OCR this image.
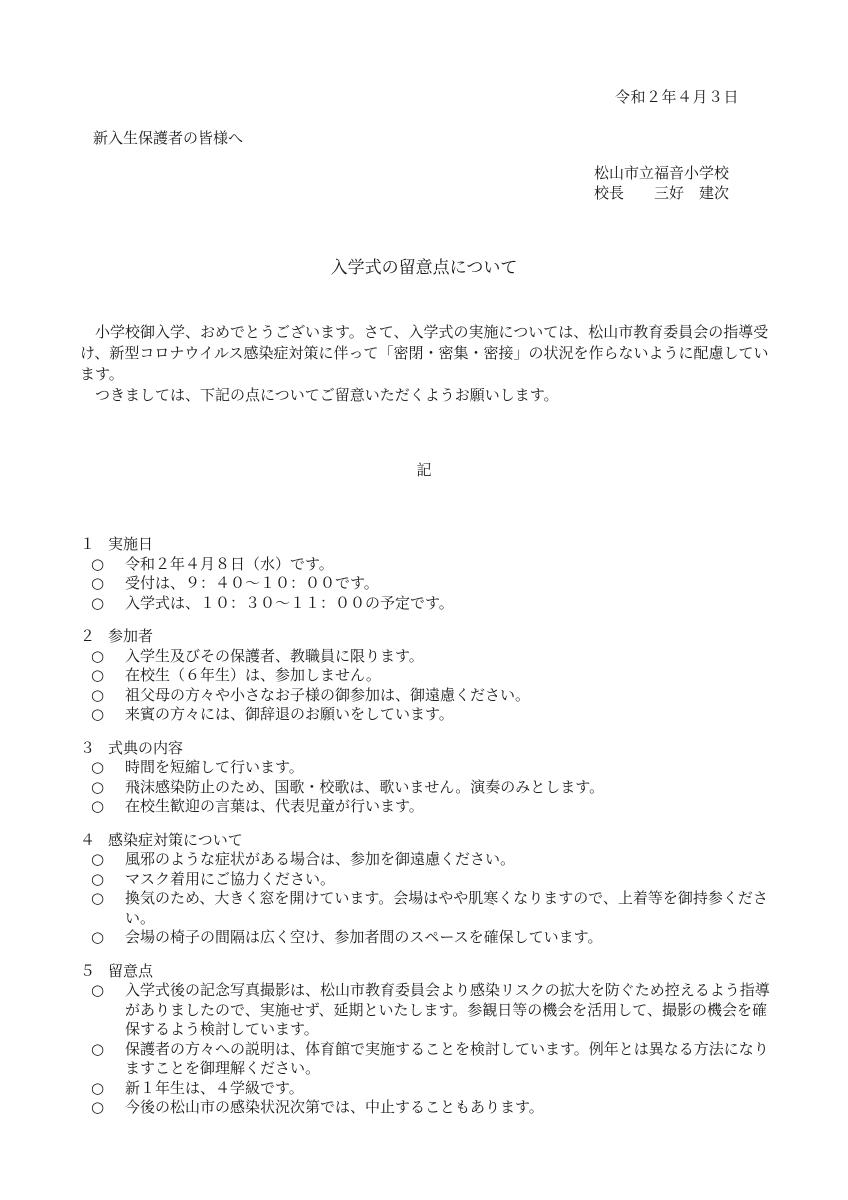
令和２年４月３日
新入生保護者の皆様へ
松山市立福音小学校
校長　　三好　建次
入学式の留意点について

小学校御入学、おめでとうございます。さて、入学式の実施については、松山市教育委員会の指導受け、新型コロナウイルス感染症対策に伴って「密閉・密集・密接」の状況を作らないように配慮しています。

つきましては、下記の点についてご留意いただくようお願いします。

記
１ 実施日
○ 令和２年４月８日（水）です。
○ 受付は、９：４０～１０：００です。
○ 入学式は、１０：３０～１１：００の予定です。
２ 参加者
○ 入学生及びその保護者、教職員に限ります。
○ 在校生（６年生）は、参加しません。
○ 祖父母の方々や小さなお子様の御参加は、御遠慮ください。
○ 来賓の方々には、御辞退のお願いをしています。
３ 式典の内容
○ 時間を短縮して行います。
○ 飛沫感染防止のため、国歌・校歌は、歌いません。演奏のみとします。
○ 在校生歓迎の言葉は、代表児童が行います。
４ 感染症対策について
○ 風邪のような症状がある場合は、参加を御遠慮ください。
○ マスク着用にご協力ください。
○ 換気のため、大きく窓を開けています。会場はやや肌寒くなりますので、上着等を御持参ください。
○ 会場の椅子の間隔は広く空け、参加者間のスペースを確保しています。
５ 留意点
○ 入学式後の記念写真撮影は、松山市教育委員会より感染リスクの拡大を防ぐため控えるよう指導がありましたので、実施せず、延期といたします。参観日等の機会を活用して、撮影の機会を確保するよう検討しています。
○ 保護者の方々への説明は、体育館で実施することを検討しています。例年とは異なる方法になりますことを御理解ください。
○ 新１年生は、４学級です。
○ 今後の松山市の感染状況次第では、中止することもあります。
